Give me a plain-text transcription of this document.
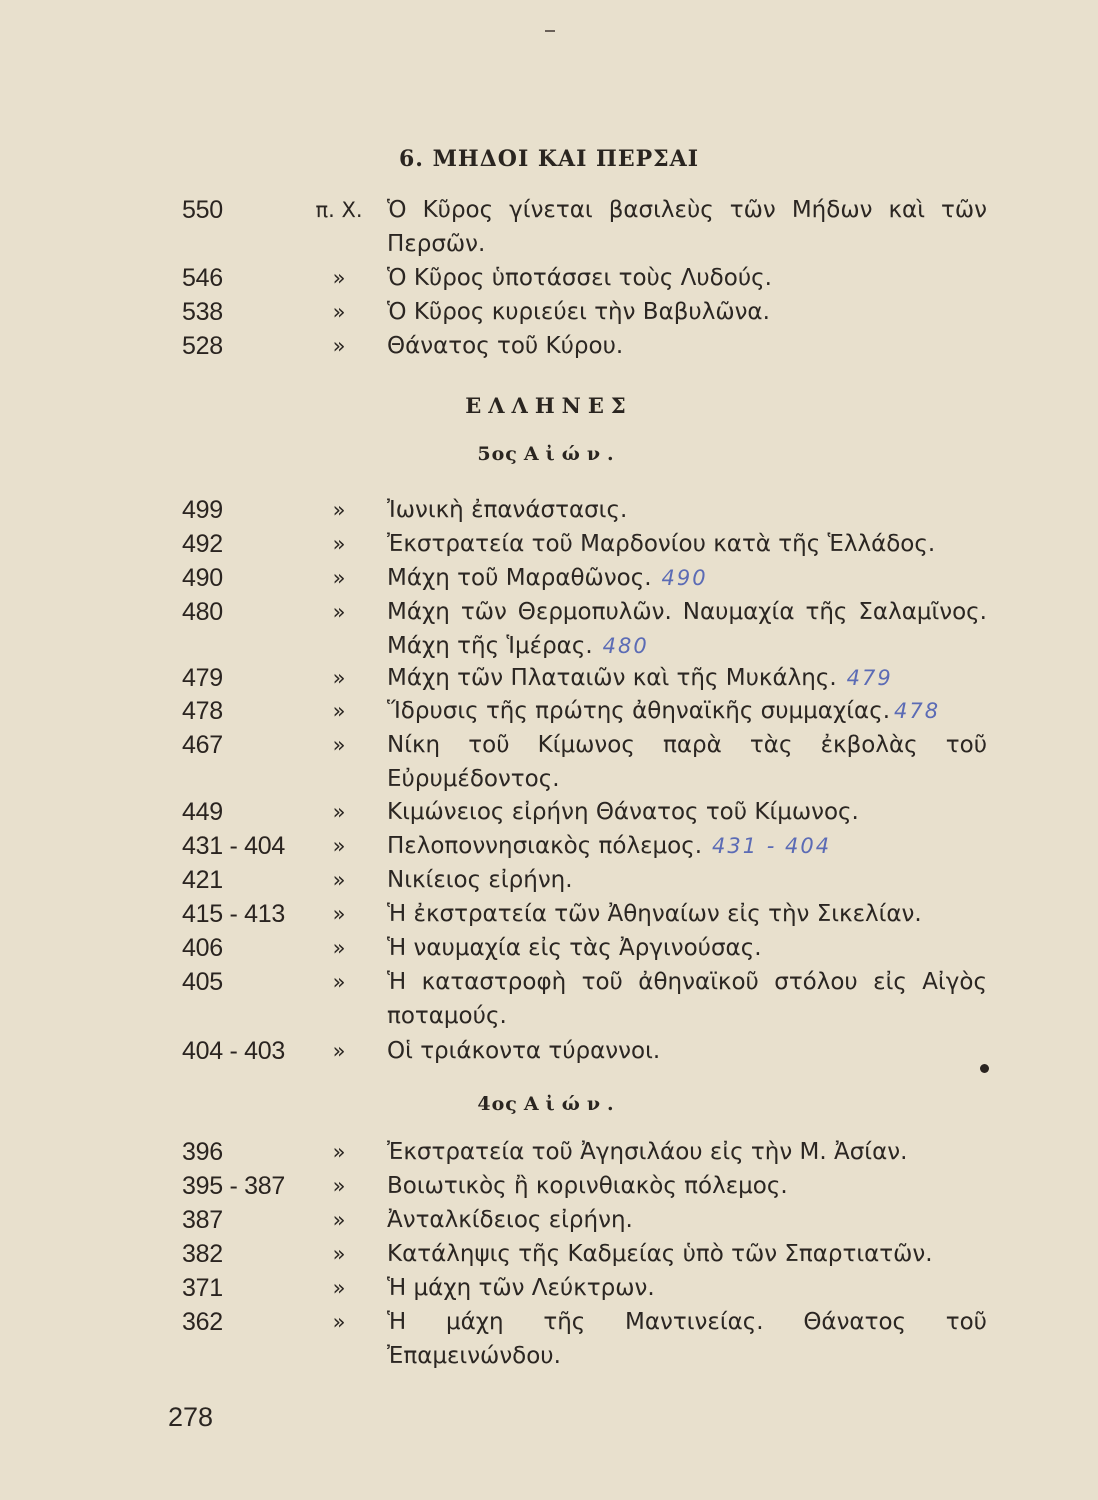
6. ΜΗΔΟΙ ΚΑΙ ΠΕΡΣΑΙ
550	π. Χ.	Ὁ Κῦρος γίνεται βασιλεὺς τῶν Μήδων καὶ τῶν Περσῶν.
546	»	Ὁ Κῦρος ὑποτάσσει τοὺς Λυδούς.
538	»	Ὁ Κῦρος κυριεύει τὴν Βαβυλῶνα.
528	»	Θάνατος τοῦ Κύρου.
ΕΛΛΗΝΕΣ
5ος Αἰών.
499	»	Ἰωνικὴ ἐπανάστασις.
492	»	Ἐκστρατεία τοῦ Μαρδονίου κατὰ τῆς Ἑλλάδος.
490	»	Μάχη τοῦ Μαραθῶνος. 490
480	»	Μάχη τῶν Θερμοπυλῶν. Ναυμαχία τῆς Σαλαμῖνος. Μάχη τῆς Ἱμέρας. 480
479	»	Μάχη τῶν Πλαταιῶν καὶ τῆς Μυκάλης. 479
478	»	Ἵδρυσις τῆς πρώτης ἀθηναϊκῆς συμμαχίας. 478
467	»	Νίκη τοῦ Κίμωνος παρὰ τὰς ἐκβολὰς τοῦ Εὐρυμέδοντος.
449	»	Κιμώνειος εἰρήνη Θάνατος τοῦ Κίμωνος.
431 - 404	»	Πελοποννησιακὸς πόλεμος. 431 - 404
421	»	Νικίειος εἰρήνη.
415 - 413	»	Ἡ ἐκστρατεία τῶν Ἀθηναίων εἰς τὴν Σικελίαν.
406	»	Ἡ ναυμαχία εἰς τὰς Ἀργινούσας.
405	»	Ἡ καταστροφὴ τοῦ ἀθηναϊκοῦ στόλου εἰς Αἰγὸς ποταμούς.
404 - 403	»	Οἱ τριάκοντα τύραννοι.
4ος Αἰών.
396	»	Ἐκστρατεία τοῦ Ἀγησιλάου εἰς τὴν Μ. Ἀσίαν.
395 - 387	»	Βοιωτικὸς ἢ κορινθιακὸς πόλεμος.
387	»	Ἀνταλκίδειος εἰρήνη.
382	»	Κατάληψις τῆς Καδμείας ὑπὸ τῶν Σπαρτιατῶν.
371	»	Ἡ μάχη τῶν Λεύκτρων.
362	»	Ἡ μάχη τῆς Μαντινείας. Θάνατος τοῦ Ἐπαμεινώνδου.
278
